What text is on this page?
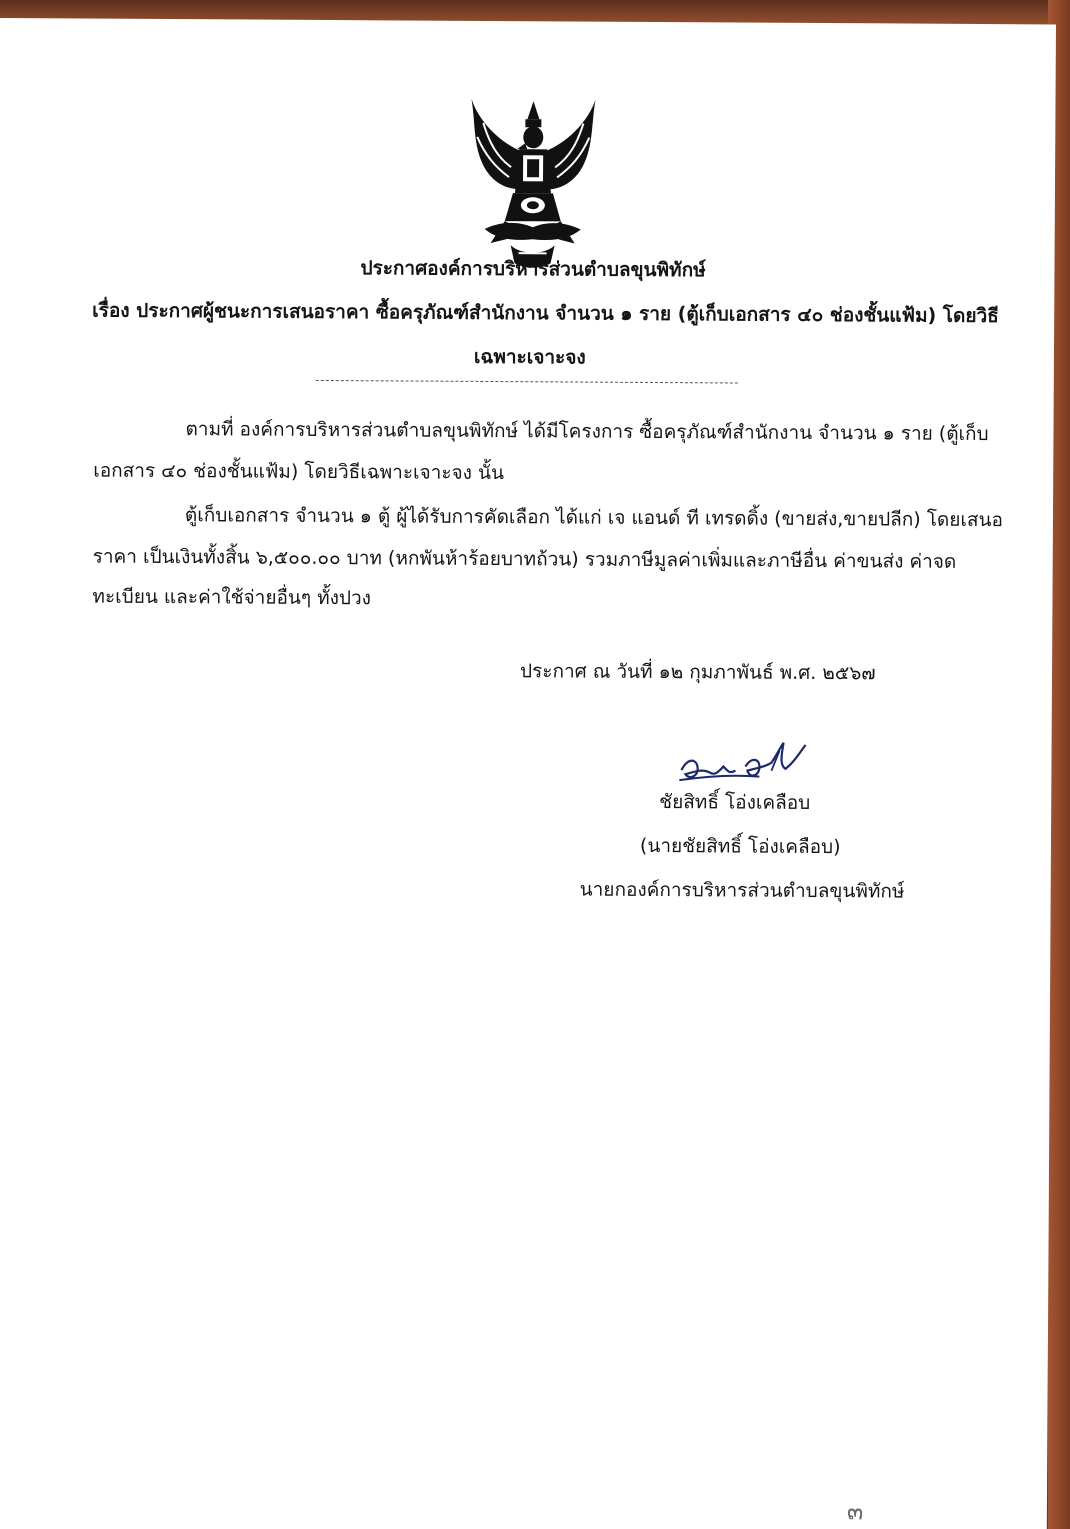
ประกาศองค์การบริหารส่วนตำบลขุนพิทักษ์
เรื่อง ประกาศผู้ชนะการเสนอราคา ซื้อครุภัณฑ์สำนักงาน จำนวน ๑ ราย (ตู้เก็บเอกสาร ๔๐ ช่องชั้นแฟ้ม) โดยวิธี
เฉพาะเจาะจง
ตามที่ องค์การบริหารส่วนตำบลขุนพิทักษ์ ได้มีโครงการ ซื้อครุภัณฑ์สำนักงาน จำนวน ๑ ราย (ตู้เก็บ
เอกสาร ๔๐ ช่องชั้นแฟ้ม) โดยวิธีเฉพาะเจาะจง นั้น
ตู้เก็บเอกสาร จำนวน ๑ ตู้ ผู้ได้รับการคัดเลือก ได้แก่ เจ แอนด์ ที เทรดดิ้ง (ขายส่ง,ขายปลีก) โดยเสนอ
ราคา เป็นเงินทั้งสิ้น ๖,๕๐๐.๐๐ บาท (หกพันห้าร้อยบาทถ้วน) รวมภาษีมูลค่าเพิ่มและภาษีอื่น ค่าขนส่ง ค่าจด
ทะเบียน และค่าใช้จ่ายอื่นๆ ทั้งปวง
ประกาศ ณ วันที่ ๑๒ กุมภาพันธ์ พ.ศ. ๒๕๖๗
ชัยสิทธิ์ โอ่งเคลือบ
(นายชัยสิทธิ์ โอ่งเคลือบ)
นายกองค์การบริหารส่วนตำบลขุนพิทักษ์
๓
